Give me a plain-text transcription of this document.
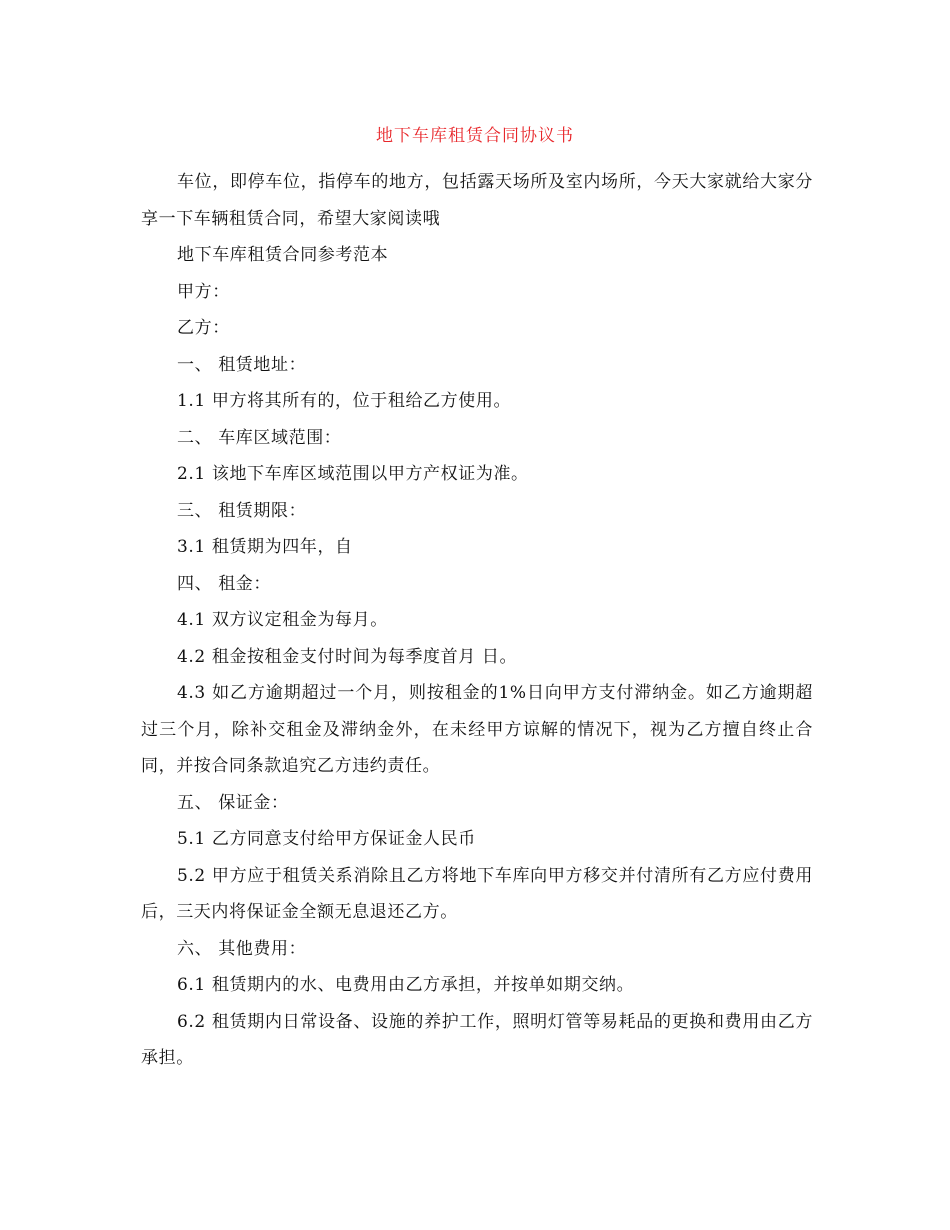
地下车库租赁合同协议书

车位，即停车位，指停车的地方，包括露天场所及室内场所，今天大家就给大家分享一下车辆租赁合同，希望大家阅读哦

地下车库租赁合同参考范本

甲方：

乙方：

一、 租赁地址：

1.1 甲方将其所有的，位于租给乙方使用。

二、 车库区域范围：

2.1 该地下车库区域范围以甲方产权证为准。

三、 租赁期限：

3.1 租赁期为四年，自

四、 租金：

4.1 双方议定租金为每月。

4.2 租金按租金支付时间为每季度首月 日。

4.3 如乙方逾期超过一个月，则按租金的1%日向甲方支付滞纳金。如乙方逾期超过三个月，除补交租金及滞纳金外，在未经甲方谅解的情况下，视为乙方擅自终止合同，并按合同条款追究乙方违约责任。

五、 保证金：

5.1 乙方同意支付给甲方保证金人民币

5.2 甲方应于租赁关系消除且乙方将地下车库向甲方移交并付清所有乙方应付费用后，三天内将保证金全额无息退还乙方。

六、 其他费用：

6.1 租赁期内的水、电费用由乙方承担，并按单如期交纳。

6.2 租赁期内日常设备、设施的养护工作，照明灯管等易耗品的更换和费用由乙方承担。
